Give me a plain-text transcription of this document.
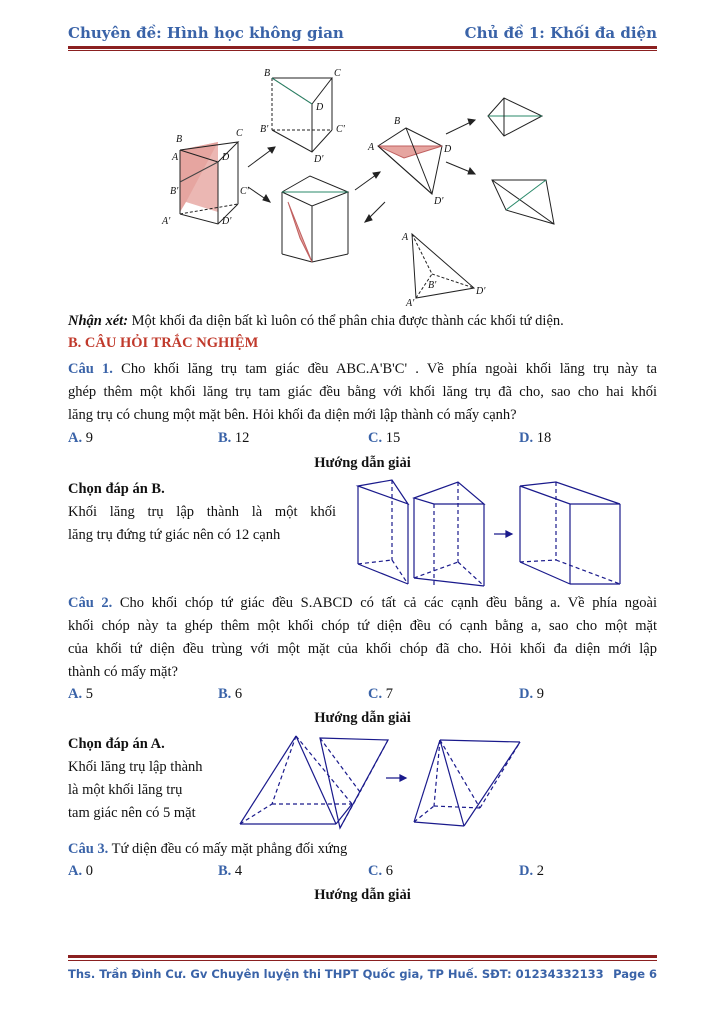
Chuyên đề: Hình học không gian	Chủ đề 1: Khối đa diện
A
B
C
D
B'	C'
D'
A'
B	C
D
B'	C'
D'
B
A	D
D'
A
B'
D'
A'
Nhận xét: Một khối đa diện bất kì luôn có thể phân chia được thành các khối tứ diện.
B. CÂU HỎI TRẮC NGHIỆM
Câu 1. Cho khối lăng trụ tam giác đều ABC.A'B'C' . Về phía ngoài khối lăng trụ này ta
ghép thêm một khối lăng trụ tam giác đều bằng với khối lăng trụ đã cho, sao cho hai khối
lăng trụ có chung một mặt bên. Hỏi khối đa diện mới lập thành có mấy cạnh?
A. 9	B. 12	C. 15	D. 18
Hướng dẫn giải
Chọn đáp án B.
Khối lăng trụ lập thành là một khối
lăng trụ đứng tứ giác nên có 12 cạnh
Câu 2. Cho khối chóp tứ giác đều S.ABCD có tất cả các cạnh đều bằng a. Về phía ngoài
khối chóp này ta ghép thêm một khối chóp tứ diện đều có cạnh bằng a, sao cho một mặt
của khối tứ diện đều trùng với một mặt của khối chóp đã cho. Hỏi khối đa diện mới lập
thành có mấy mặt?
A. 5	B. 6	C. 7	D. 9
Hướng dẫn giải
Chọn đáp án A.
Khối lăng trụ lập thành
là một khối lăng trụ
tam giác nên có 5 mặt
Câu 3. Tứ diện đều có mấy mặt phẳng đối xứng
A. 0	B. 4	C. 6	D. 2
Hướng dẫn giải
Ths. Trần Đình Cư. Gv Chuyên luyện thi THPT Quốc gia, TP Huế. SĐT: 01234332133 Page 6
